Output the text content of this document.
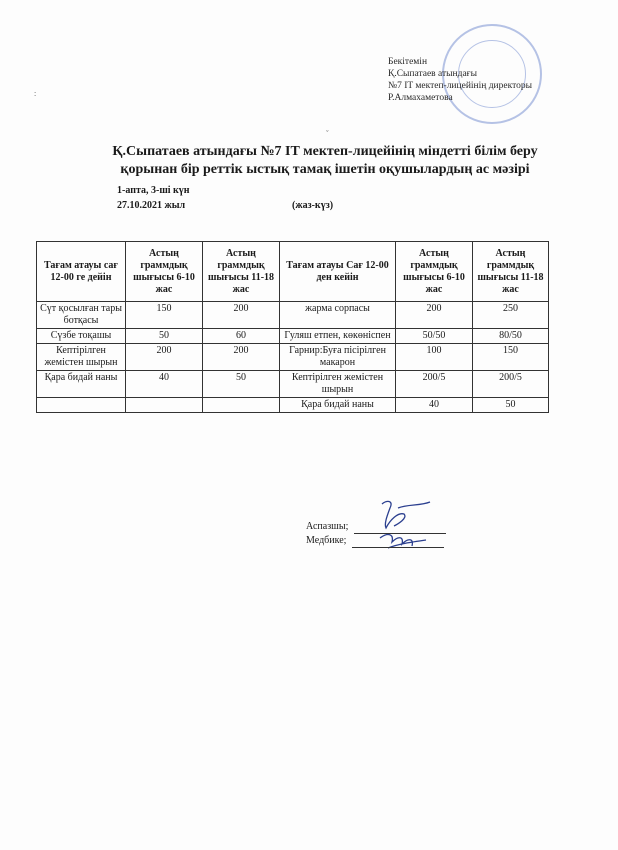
Бекітемін
Қ.Сыпатаев атындағы
№7 IT мектеп-лицейінің директоры
Р.Алмахаметова
:
ˇ
Қ.Сыпатаев атындағы №7 IT мектеп-лицейінің міндетті білім беру
қорынан бір реттік ыстық тамақ ішетін оқушылардың ас мәзірі
1-апта, 3-ші күн
27.10.2021 жыл	(жаз-күз)
Тағам атауы сағ 12-00 ге дейін	Астың граммдық шығысы 6-10 жас	Астың граммдық шығысы 11-18 жас	Тағам атауы Сағ 12-00 ден кейін	Астың граммдық шығысы 6-10 жас	Астың граммдық шығысы 11-18 жас
Сүт қосылған тары ботқасы	150	200	жарма сорпасы	200	250
Сүзбе тоқашы	50	60	Гуляш етпен, көкөніспен	50/50	80/50
Кептірілген жемістен шырын	200	200	Гарнир:Буға пісірілген макарон	100	150
Қара бидай наны	40	50	Кептірілген жемістен шырын	200/5	200/5
			Қара бидай наны	40	50
Аспазшы;
Медбике;
